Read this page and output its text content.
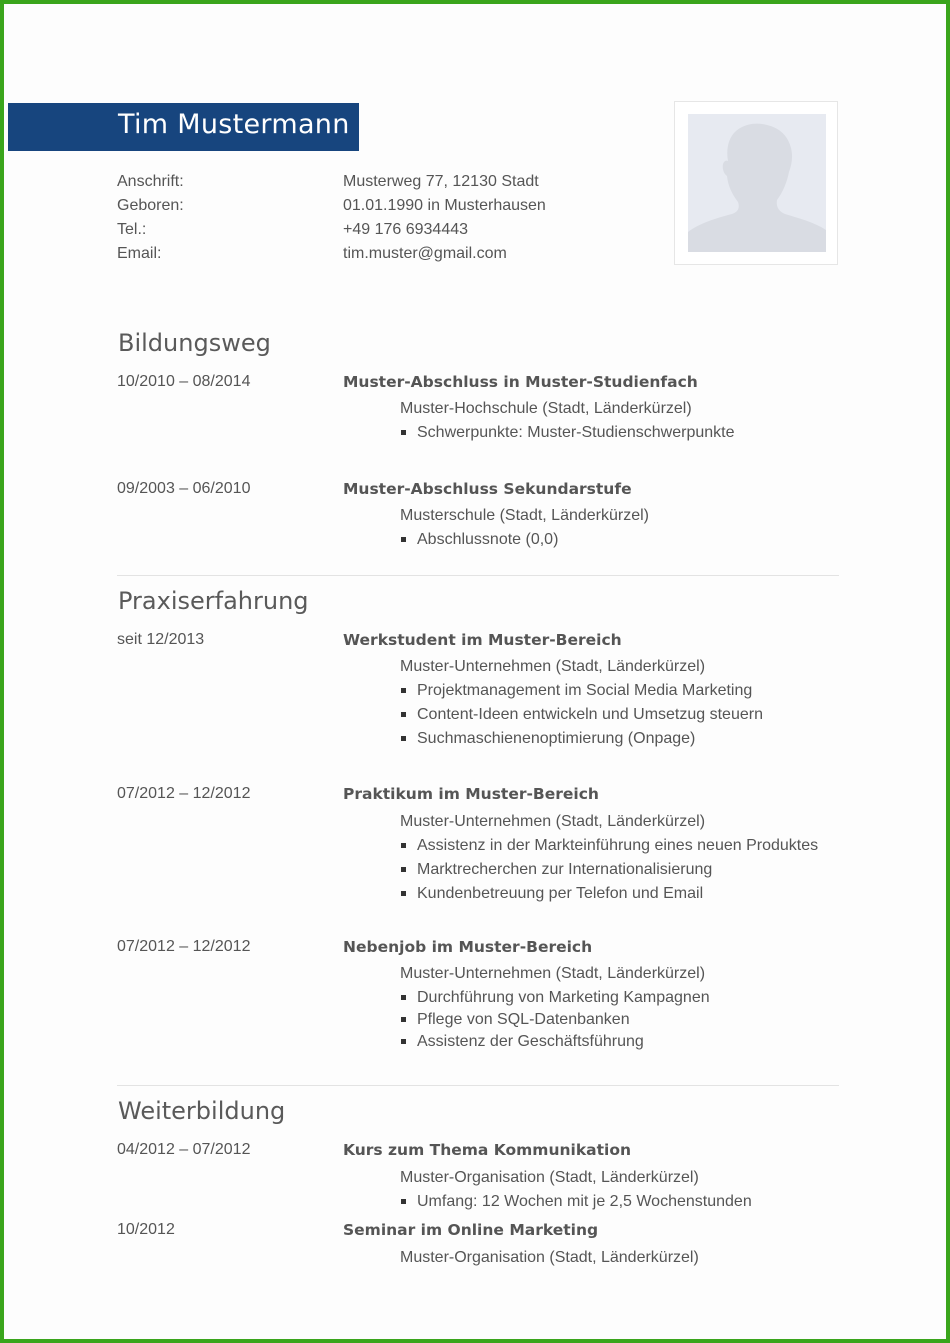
Tim Mustermann
Anschrift:	Musterweg 77, 12130 Stadt
Geboren:	01.01.1990 in Musterhausen
Tel.:	+49 176 6934443
Email:	tim.muster@gmail.com
Bildungsweg
10/2010 – 08/2014	Muster-Abschluss in Muster-Studienfach
Muster-Hochschule (Stadt, Länderkürzel)
Schwerpunkte: Muster-Studienschwerpunkte
09/2003 – 06/2010	Muster-Abschluss Sekundarstufe
Musterschule (Stadt, Länderkürzel)
Abschlussnote (0,0)
Praxiserfahrung
seit 12/2013	Werkstudent im Muster-Bereich
Muster-Unternehmen (Stadt, Länderkürzel)
Projektmanagement im Social Media Marketing
Content-Ideen entwickeln und Umsetzug steuern
Suchmaschienenoptimierung (Onpage)
07/2012 – 12/2012	Praktikum im Muster-Bereich
Muster-Unternehmen (Stadt, Länderkürzel)
Assistenz in der Markteinführung eines neuen Produktes
Marktrecherchen zur Internationalisierung
Kundenbetreuung per Telefon und Email
07/2012 – 12/2012	Nebenjob im Muster-Bereich
Muster-Unternehmen (Stadt, Länderkürzel)
Durchführung von Marketing Kampagnen
Pflege von SQL-Datenbanken
Assistenz der Geschäftsführung
Weiterbildung
04/2012 – 07/2012	Kurs zum Thema Kommunikation
Muster-Organisation (Stadt, Länderkürzel)
Umfang: 12 Wochen mit je 2,5 Wochenstunden
10/2012	Seminar im Online Marketing
Muster-Organisation (Stadt, Länderkürzel)
